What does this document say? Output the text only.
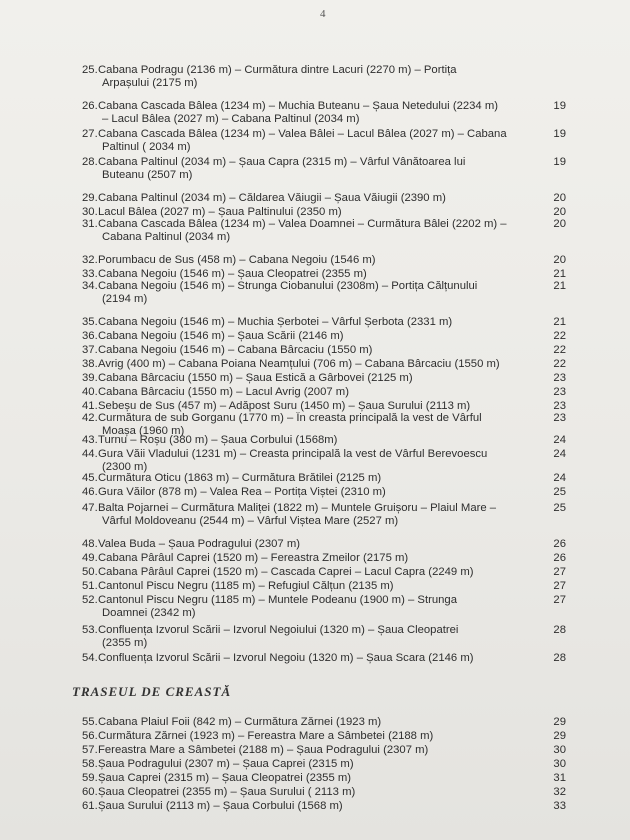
4
25.Cabana Podragu (2136 m) – Curmătura dintre Lacuri (2270 m) – Portița
Arpașului (2175 m)
26.Cabana Cascada Bâlea (1234 m) – Muchia Buteanu – Șaua Netedului (2234 m)
– Lacul Bâlea (2027 m) – Cabana Paltinul (2034 m)
19
27.Cabana Cascada Bâlea (1234 m) – Valea Bâlei – Lacul Bâlea (2027 m) – Cabana
Paltinul ( 2034 m)
19
28.Cabana Paltinul (2034 m) – Șaua Capra (2315 m) – Vârful Vânătoarea lui
Buteanu (2507 m)
19
29.Cabana Paltinul (2034 m) – Căldarea Văiugii – Șaua Văiugii (2390 m)	20
30.Lacul Bâlea (2027 m) – Șaua Paltinului (2350 m)	20
31.Cabana Cascada Bâlea (1234 m) – Valea Doamnei – Curmătura Bâlei (2202 m) –
Cabana Paltinul (2034 m)
20
32.Porumbacu de Sus (458 m) – Cabana Negoiu (1546 m)	20
33.Cabana Negoiu (1546 m) – Șaua Cleopatrei (2355 m)	21
34.Cabana Negoiu (1546 m) – Strunga Ciobanului (2308m) – Portița Călțunului
(2194 m)
21
35.Cabana Negoiu (1546 m) – Muchia Șerbotei – Vârful Șerbota (2331 m)	21
36.Cabana Negoiu (1546 m) – Șaua Scării (2146 m)	22
37.Cabana Negoiu (1546 m) – Cabana Bârcaciu (1550 m)	22
38.Avrig (400 m) – Cabana Poiana Neamțului (706 m) – Cabana Bârcaciu (1550 m)	22
39.Cabana Bârcaciu (1550 m) – Șaua Estică a Gârbovei (2125 m)	23
40.Cabana Bârcaciu (1550 m) – Lacul Avrig (2007 m)	23
41.Sebeșu de Sus (457 m) – Adăpost Suru (1450 m) – Șaua Surului (2113 m)	23
42.Curmătura de sub Gorganu (1770 m) – În creasta principală la vest de Vârful
Moașa (1960 m)
23
43.Turnu – Roșu (380 m) – Șaua Corbului (1568m)	24
44.Gura Văii Vladului (1231 m) – Creasta principală la vest de Vârful Berevoescu
(2300 m)
24
45.Curmătura Oticu (1863 m) – Curmătura Brătilei (2125 m)	24
46.Gura Văilor (878 m) – Valea Rea – Portița Viștei (2310 m)	25
47.Balta Pojarnei – Curmătura Maliței (1822 m) – Muntele Gruișoru – Plaiul Mare –
Vârful Moldoveanu (2544 m) – Vârful Viștea Mare (2527 m)
25
48.Valea Buda – Șaua Podragului (2307 m)	26
49.Cabana Pârâul Caprei (1520 m) – Fereastra Zmeilor (2175 m)	26
50.Cabana Pârâul Caprei (1520 m) – Cascada Caprei – Lacul Capra (2249 m)	27
51.Cantonul Piscu Negru (1185 m) – Refugiul Călțun (2135 m)	27
52.Cantonul Piscu Negru (1185 m) – Muntele Podeanu (1900 m) – Strunga
Doamnei (2342 m)
27
53.Confluența Izvorul Scării – Izvorul Negoiului (1320 m) – Șaua Cleopatrei
(2355 m)
28
54.Confluența Izvorul Scării – Izvorul Negoiu (1320 m) – Șaua Scara (2146 m)	28
55.Cabana Plaiul Foii (842 m) – Curmătura Zărnei (1923 m)	29
56.Curmătura Zărnei (1923 m) – Fereastra Mare a Sâmbetei (2188 m)	29
57.Fereastra Mare a Sâmbetei (2188 m) – Șaua Podragului (2307 m)	30
58.Șaua Podragului (2307 m) – Șaua Caprei (2315 m)	30
59.Șaua Caprei (2315 m) – Șaua Cleopatrei (2355 m)	31
60.Șaua Cleopatrei (2355 m) – Șaua Surului ( 2113 m)	32
61.Șaua Surului (2113 m) – Șaua Corbului (1568 m)	33
TRASEUL DE CREASTĂ
